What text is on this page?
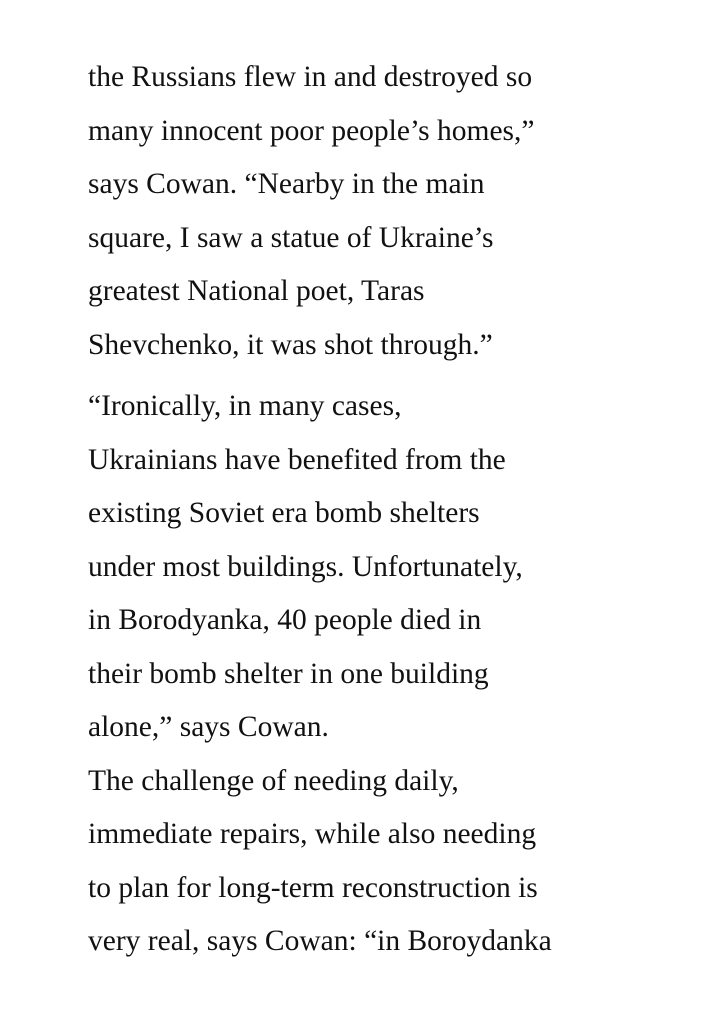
the Russians flew in and destroyed so
many innocent poor people’s homes,”
says Cowan. “Nearby in the main
square, I saw a statue of Ukraine’s
greatest National poet, Taras
Shevchenko, it was shot through.”

“Ironically, in many cases,
Ukrainians have benefited from the
existing Soviet era bomb shelters
under most buildings. Unfortunately,
in Borodyanka, 40 people died in
their bomb shelter in one building
alone,” says Cowan.

The challenge of needing daily,
immediate repairs, while also needing
to plan for long-term reconstruction is
very real, says Cowan: “in Boroydanka
